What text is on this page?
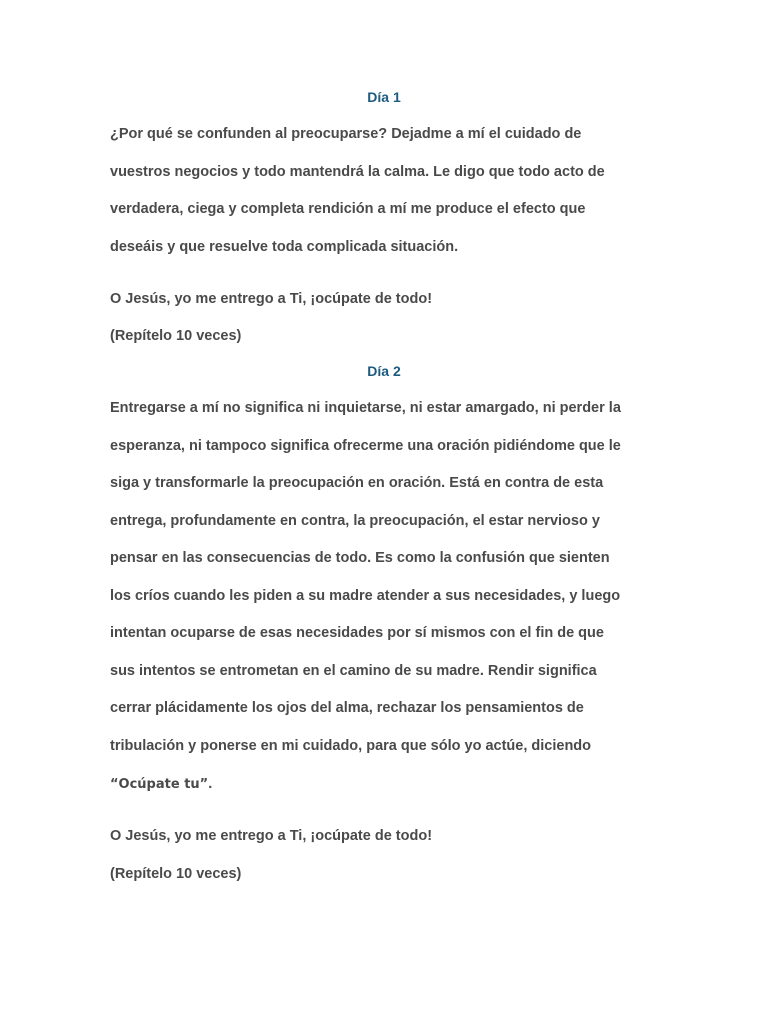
Día 1
¿Por qué se confunden al preocuparse? Dejadme a mí el cuidado de
vuestros negocios y todo mantendrá la calma. Le digo que todo acto de
verdadera, ciega y completa rendición a mí me produce el efecto que
deseáis y que resuelve toda complicada situación.
O Jesús, yo me entrego a Ti, ¡ocúpate de todo!
(Repítelo 10 veces)
Día 2
Entregarse a mí no significa ni inquietarse, ni estar amargado, ni perder la
esperanza, ni tampoco significa ofrecerme una oración pidiéndome que le
siga y transformarle la preocupación en oración. Está en contra de esta
entrega, profundamente en contra, la preocupación, el estar nervioso y
pensar en las consecuencias de todo. Es como la confusión que sienten
los críos cuando les piden a su madre atender a sus necesidades, y luego
intentan ocuparse de esas necesidades por sí mismos con el fin de que
sus intentos se entrometan en el camino de su madre. Rendir significa
cerrar plácidamente los ojos del alma, rechazar los pensamientos de
tribulación y ponerse en mi cuidado, para que sólo yo actúe, diciendo
“Ocúpate tu”.
O Jesús, yo me entrego a Ti, ¡ocúpate de todo!
(Repítelo 10 veces)
